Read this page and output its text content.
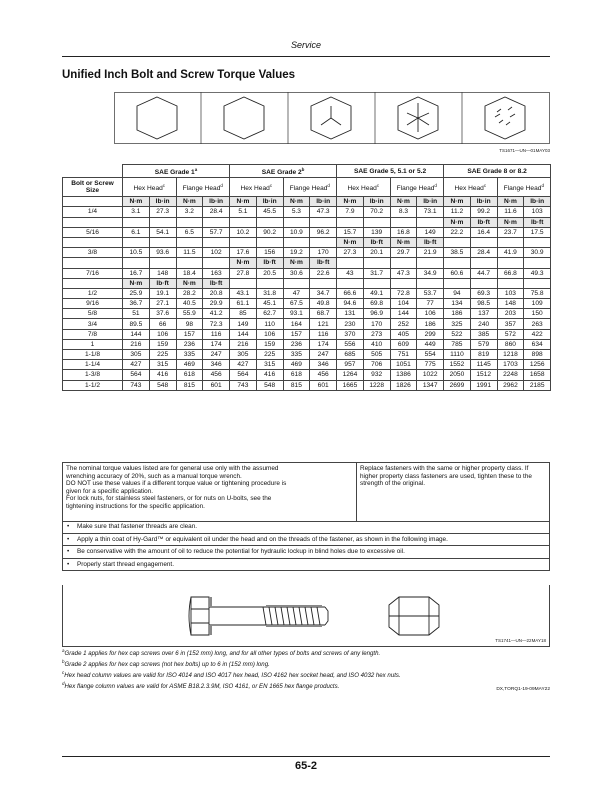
Service
Unified Inch Bolt and Screw Torque Values
TS1671—UN—01MAY03
	SAE Grade 1$^a$				SAE Grade 2$^b$				SAE Grade 5, 5.1 or 5.2				SAE Grade 8 or 8.2			
Bolt or Screw Size	Hex Head$^c$		Flange Head$^d$		Hex Head$^c$		Flange Head$^d$		Hex Head$^c$		Flange Head$^d$		Hex Head$^c$		Flange Head$^d$
	N·m	lb·in	N·m	lb·in	N·m	lb·in	N·m	lb·in	N·m	lb·in	N·m	lb·in	N·m	lb·in	N·m	lb·in
1/4	3.1	27.3	3.2	28.4	5.1	45.5	5.3	47.3	7.9	70.2	8.3	73.1	11.2	99.2	11.6	103
													N·m	lb·ft	N·m	lb·ft
5/16	6.1	54.1	6.5	57.7	10.2	90.2	10.9	96.2	15.7	139	16.8	149	22.2	16.4	23.7	17.5
									N·m	lb·ft	N·m	lb·ft				
3/8	10.5	93.6	11.5	102	17.6	156	19.2	170	27.3	20.1	29.7	21.9	38.5	28.4	41.9	30.9
					N·m	lb·ft	N·m	lb·ft								
7/16	16.7	148	18.4	163	27.8	20.5	30.6	22.6	43	31.7	47.3	34.9	60.6	44.7	66.8	49.3
	N·m	lb·ft	N·m	lb·ft												
1/2	25.9	19.1	28.2	20.8	43.1	31.8	47	34.7	66.6	49.1	72.8	53.7	94	69.3	103	75.8
9/16	36.7	27.1	40.5	29.9	61.1	45.1	67.5	49.8	94.6	69.8	104	77	134	98.5	148	109
5/8	51	37.6	55.9	41.2	85	62.7	93.1	68.7	131	96.9	144	106	186	137	203	150
3/4	89.5	66	98	72.3	149	110	164	121	230	170	252	186	325	240	357	263
7/8	144	106	157	116	144	106	157	116	370	273	405	299	522	385	572	422
1	216	159	236	174	216	159	236	174	556	410	609	449	785	579	860	634
1-1/8	305	225	335	247	305	225	335	247	685	505	751	554	1110	819	1218	898
1-1/4	427	315	469	346	427	315	469	346	957	706	1051	775	1552	1145	1703	1256
1-3/8	564	416	618	456	564	416	618	456	1264	932	1386	1022	2050	1512	2248	1658
1-1/2	743	548	815	601	743	548	815	601	1665	1228	1826	1347	2699	1991	2962	2185
The nominal torque values listed are for general use only with the assumed
wrenching accuracy of 20%, such as a manual torque wrench.
DO NOT use these values if a different torque value or tightening procedure is
given for a specific application.
For lock nuts, for stainless steel fasteners, or for nuts on U-bolts, see the
tightening instructions for the specific application.
Replace fasteners with the same or higher property class. If
higher property class fasteners are used, tighten these to the
strength of the original.
• Make sure that fastener threads are clean.
• Apply a thin coat of Hy-Gard™ or equivalent oil under the head and on the threads of the fastener, as shown in the following image.
• Be conservative with the amount of oil to reduce the potential for hydraulic lockup in blind holes due to excessive oil.
• Properly start thread engagement.
TS1741—UN—22MAY18
$^a$Grade 1 applies for hex cap screws over 6 in (152 mm) long, and for all other types of bolts and screws of any length.
$^b$Grade 2 applies for hex cap screws (not hex bolts) up to 6 in (152 mm) long.
$^c$Hex head column values are valid for ISO 4014 and ISO 4017 hex head, ISO 4162 hex socket head, and ISO 4032 hex nuts.
$^d$Hex flange column values are valid for ASME B18.2.3.9M, ISO 4161, or EN 1665 hex flange products.	DX,TORQ1-19-09MAY22
65-2
